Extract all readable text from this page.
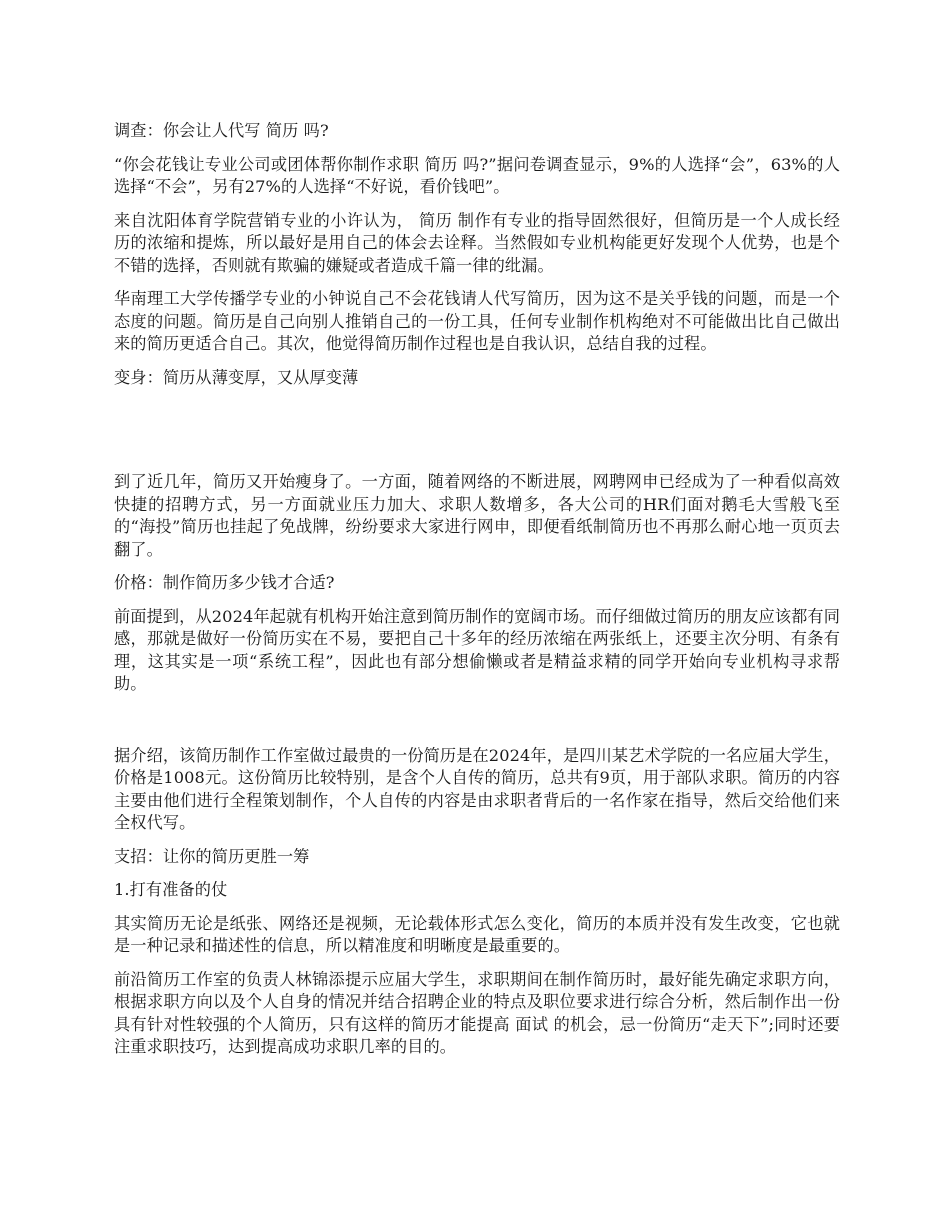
调查：你会让人代写 简历 吗?

“你会花钱让专业公司或团体帮你制作求职 简历 吗?”据问卷调查显示，9%的人选择“会”，63%的人选择“不会”，另有27%的人选择“不好说，看价钱吧”。

来自沈阳体育学院营销专业的小许认为， 简历 制作有专业的指导固然很好，但简历是一个人成长经历的浓缩和提炼，所以最好是用自己的体会去诠释。当然假如专业机构能更好发现个人优势，也是个不错的选择，否则就有欺骗的嫌疑或者造成千篇一律的纰漏。

华南理工大学传播学专业的小钟说自己不会花钱请人代写简历，因为这不是关乎钱的问题，而是一个态度的问题。简历是自己向别人推销自己的一份工具，任何专业制作机构绝对不可能做出比自己做出来的简历更适合自己。其次，他觉得简历制作过程也是自我认识，总结自我的过程。

变身：简历从薄变厚，又从厚变薄

到了近几年，简历又开始瘦身了。一方面，随着网络的不断进展，网聘网申已经成为了一种看似高效快捷的招聘方式，另一方面就业压力加大、求职人数增多，各大公司的HR们面对鹅毛大雪般飞至的“海投”简历也挂起了免战牌，纷纷要求大家进行网申，即便看纸制简历也不再那么耐心地一页页去翻了。

价格：制作简历多少钱才合适?

前面提到，从2024年起就有机构开始注意到简历制作的宽阔市场。而仔细做过简历的朋友应该都有同感，那就是做好一份简历实在不易，要把自己十多年的经历浓缩在两张纸上，还要主次分明、有条有理，这其实是一项“系统工程”，因此也有部分想偷懒或者是精益求精的同学开始向专业机构寻求帮助。

据介绍，该简历制作工作室做过最贵的一份简历是在2024年，是四川某艺术学院的一名应届大学生，价格是1008元。这份简历比较特别，是含个人自传的简历，总共有9页，用于部队求职。简历的内容主要由他们进行全程策划制作，个人自传的内容是由求职者背后的一名作家在指导，然后交给他们来全权代写。

支招：让你的简历更胜一筹

1.打有准备的仗

其实简历无论是纸张、网络还是视频，无论载体形式怎么变化，简历的本质并没有发生改变，它也就是一种记录和描述性的信息，所以精准度和明晰度是最重要的。

前沿简历工作室的负责人林锦添提示应届大学生，求职期间在制作简历时，最好能先确定求职方向，根据求职方向以及个人自身的情况并结合招聘企业的特点及职位要求进行综合分析，然后制作出一份具有针对性较强的个人简历，只有这样的简历才能提高 面试 的机会，忌一份简历“走天下”;同时还要注重求职技巧，达到提高成功求职几率的目的。
